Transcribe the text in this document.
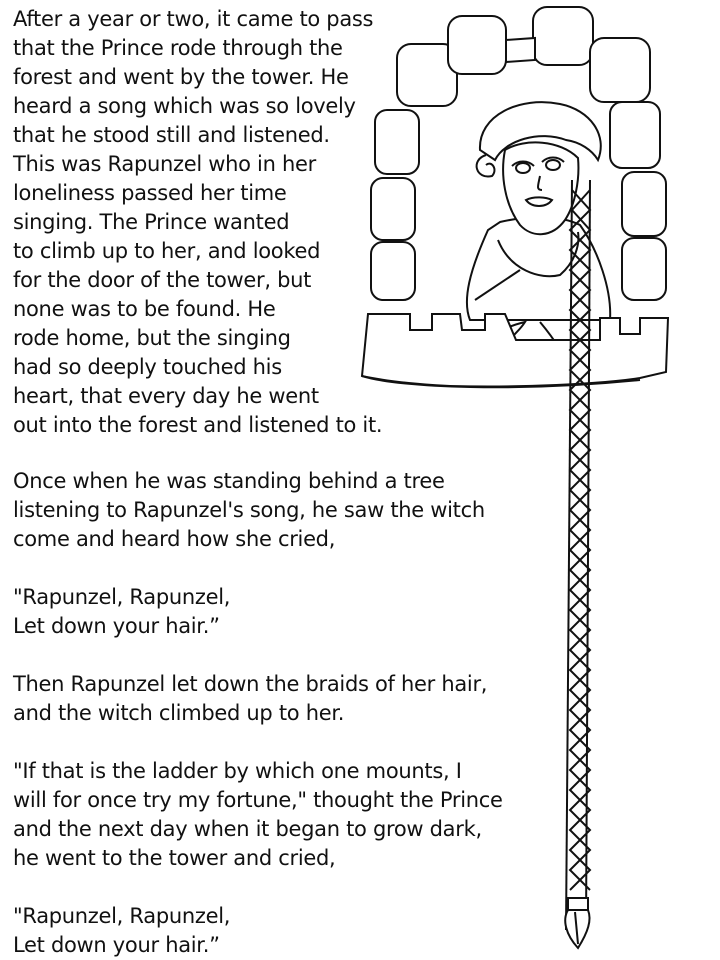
After a year or two, it came to pass
that the Prince rode through the
forest and went by the tower. He
heard a song which was so lovely
that he stood still and listened.
This was Rapunzel who in her
loneliness passed her time
singing. The Prince wanted
to climb up to her, and looked
for the door of the tower, but
none was to be found. He
rode home, but the singing
had so deeply touched his
heart, that every day he went
out into the forest and listened to it.
Once when he was standing behind a tree
listening to Rapunzel's song, he saw the witch
come and heard how she cried,
"Rapunzel, Rapunzel,
Let down your hair.”
Then Rapunzel let down the braids of her hair,
and the witch climbed up to her.
"If that is the ladder by which one mounts, I
will for once try my fortune," thought the Prince
and the next day when it began to grow dark,
he went to the tower and cried,
"Rapunzel, Rapunzel,
Let down your hair.”
